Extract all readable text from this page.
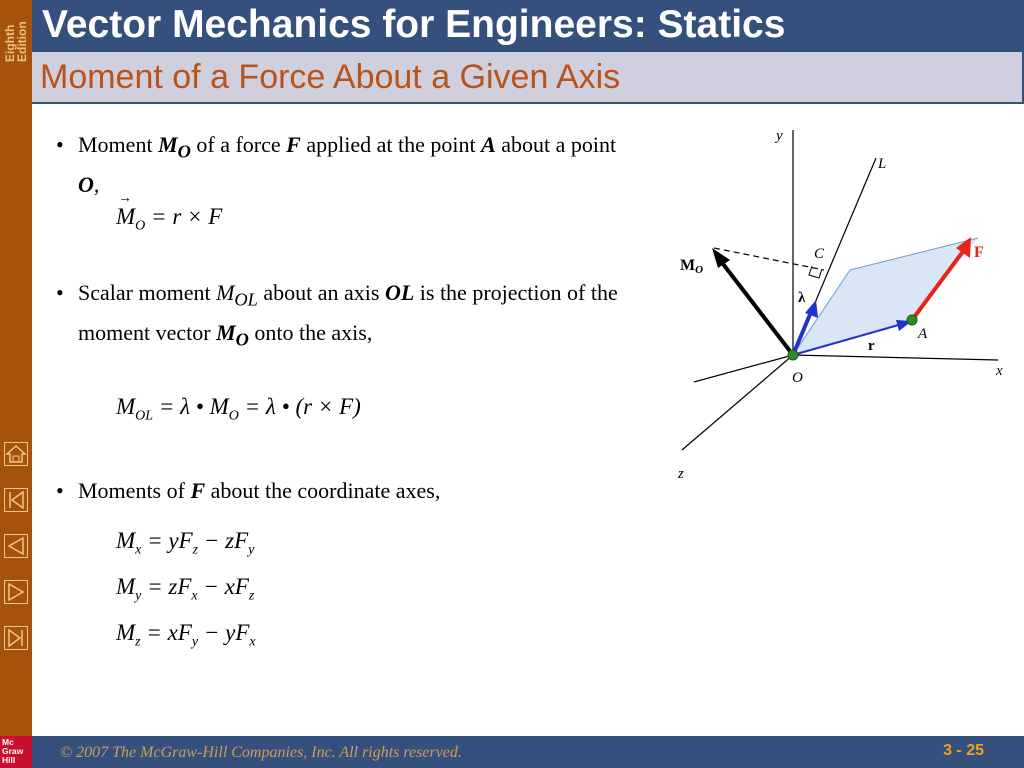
Eighth
Edition
Mc
Graw
Hill
Vector Mechanics for Engineers: Statics
Moment of a Force About a Given Axis
• Moment $M_O$ of a force F applied at the point A about a point O,
→ $M_O = r \times F$
• Scalar moment $M_{OL}$ about an axis OL is the projection of the moment vector $M_O$ onto the axis,
$M_{OL} = \lambda$ • $M_O = \lambda$ • (r × F)
• Moments of F about the coordinate axes,
$M_x = yF_z - zF_y$
$M_y = zF_x - xF_z$
$M_z = xF_y - yF_x$
y
x
z
L
C	F
A
r
O
λ
MO
© 2007 The McGraw-Hill Companies, Inc. All rights reserved.	3 - 25
